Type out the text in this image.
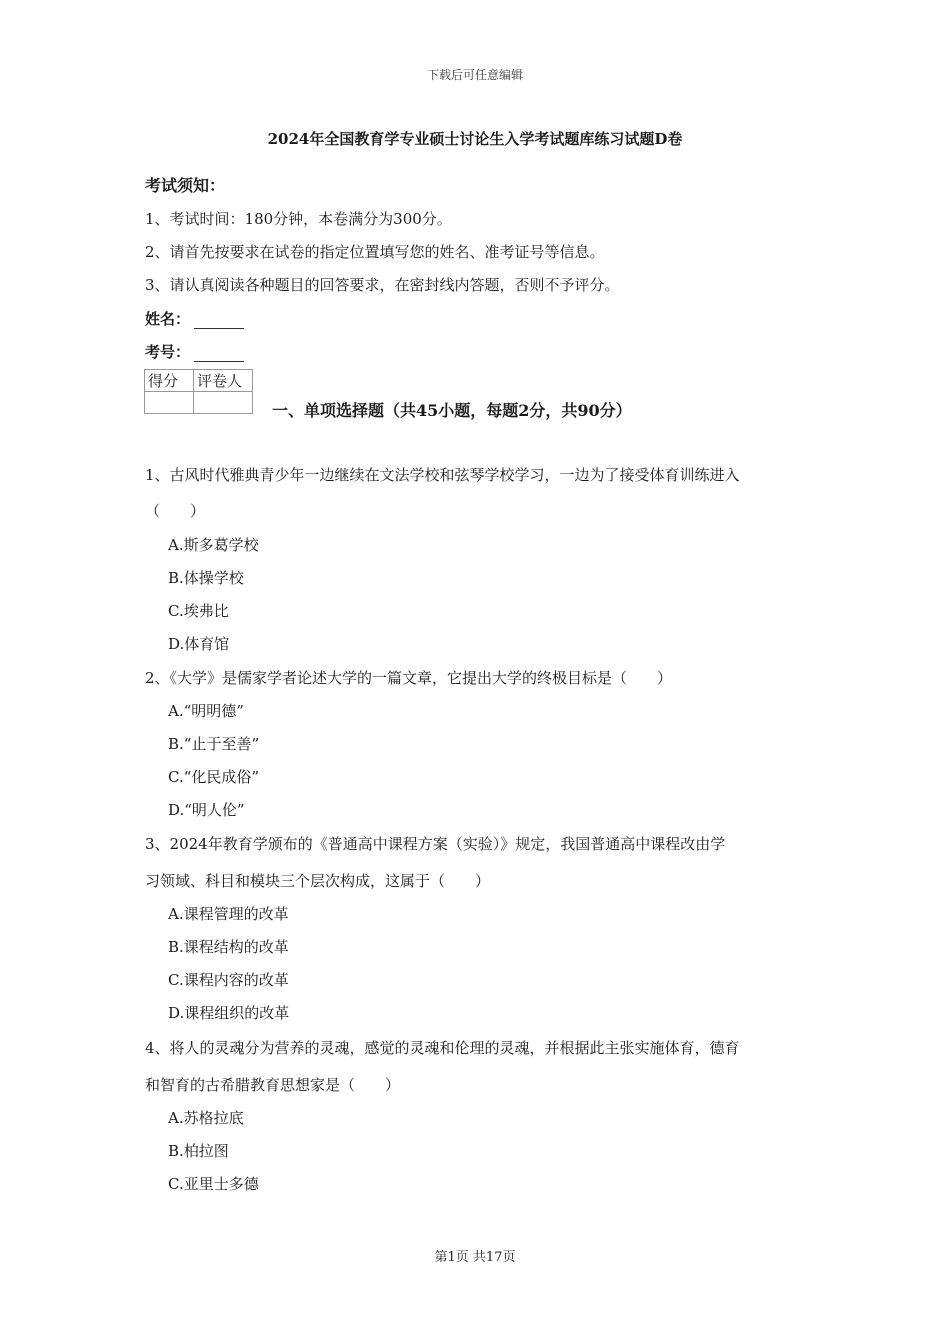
下载后可任意编辑
2024年全国教育学专业硕士讨论生入学考试题库练习试题D卷
考试须知：
1、考试时间：180分钟，本卷满分为300分。
2、请首先按要求在试卷的指定位置填写您的姓名、准考证号等信息。
3、请认真阅读各种题目的回答要求，在密封线内答题，否则不予评分。
姓名：
考号：
得分	评卷人

一、单项选择题（共45小题，每题2分，共90分）
1、古风时代雅典青少年一边继续在文法学校和弦琴学校学习，一边为了接受体育训练进入
（　　）
A.斯多葛学校
B.体操学校
C.埃弗比
D.体育馆
2、《大学》是儒家学者论述大学的一篇文章，它提出大学的终极目标是（　　）
A.“明明德”
B.“止于至善”
C.“化民成俗”
D.“明人伦”
3、2024年教育学颁布的《普通高中课程方案（实验）》规定，我国普通高中课程改由学
习领域、科目和模块三个层次构成，这属于（　　）
A.课程管理的改革
B.课程结构的改革
C.课程内容的改革
D.课程组织的改革
4、将人的灵魂分为营养的灵魂，感觉的灵魂和伦理的灵魂，并根据此主张实施体育，德育
和智育的古希腊教育思想家是（　　）
A.苏格拉底
B.柏拉图
C.亚里士多德
第1页 共17页
